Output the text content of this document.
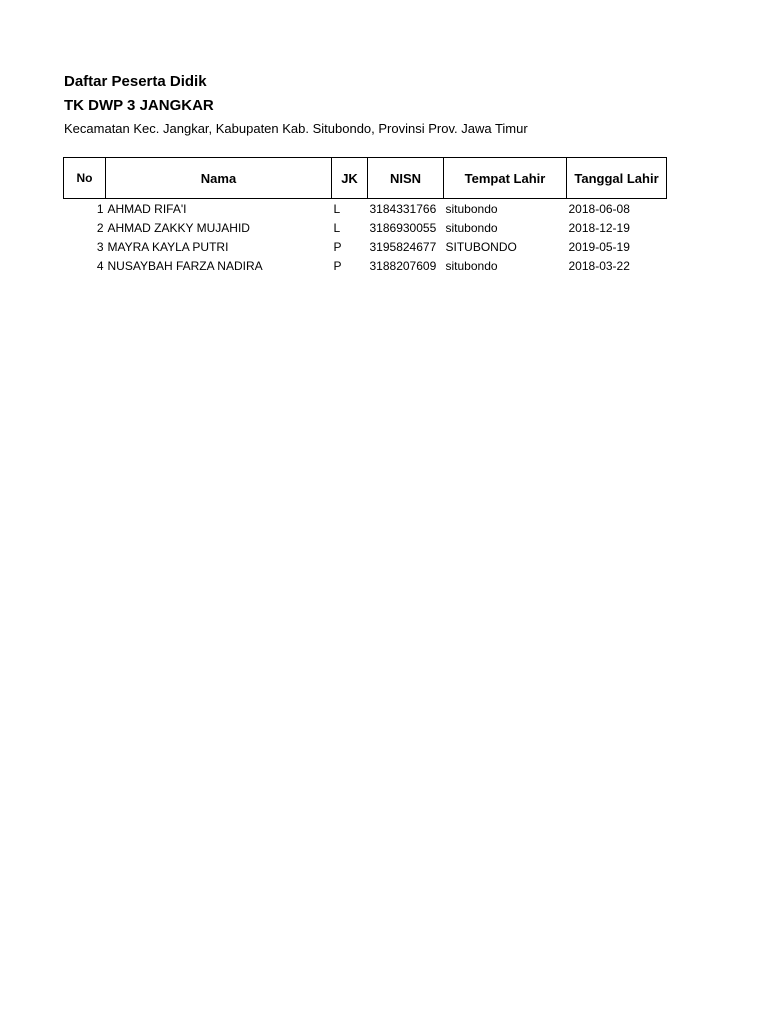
Daftar Peserta Didik
TK DWP 3 JANGKAR
Kecamatan Kec. Jangkar, Kabupaten Kab. Situbondo, Provinsi Prov. Jawa Timur
No	Nama	JK	NISN	Tempat Lahir	Tanggal Lahir
1	AHMAD RIFA'I	L	3184331766	situbondo	2018-06-08
2	AHMAD ZAKKY MUJAHID	L	3186930055	situbondo	2018-12-19
3	MAYRA KAYLA PUTRI	P	3195824677	SITUBONDO	2019-05-19
4	NUSAYBAH FARZA NADIRA	P	3188207609	situbondo	2018-03-22
